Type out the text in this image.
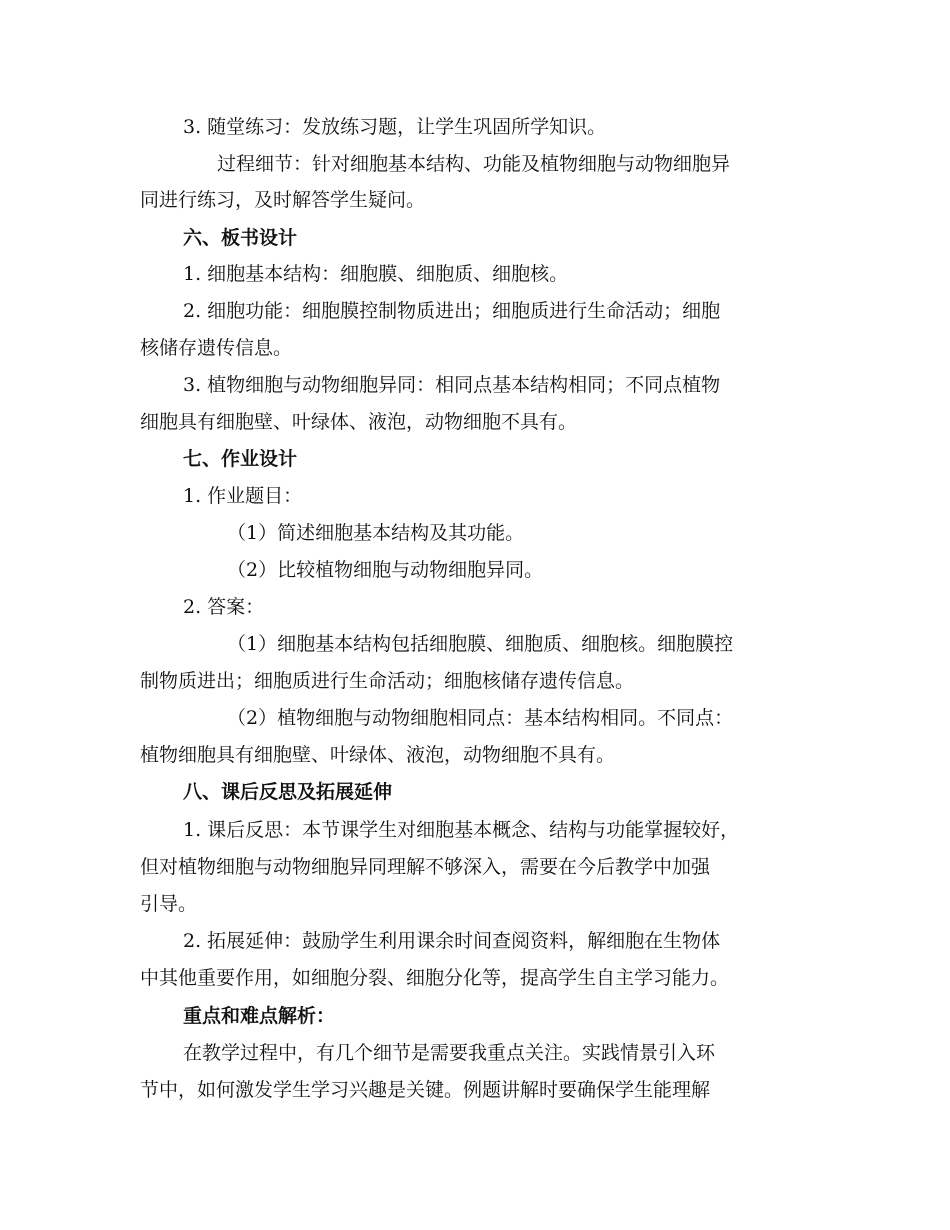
3. 随堂练习：发放练习题，让学生巩固所学知识。
过程细节：针对细胞基本结构、功能及植物细胞与动物细胞异
同进行练习，及时解答学生疑问。
六、板书设计
1. 细胞基本结构：细胞膜、细胞质、细胞核。
2. 细胞功能：细胞膜控制物质进出；细胞质进行生命活动；细胞
核储存遗传信息。
3. 植物细胞与动物细胞异同：相同点基本结构相同；不同点植物
细胞具有细胞壁、叶绿体、液泡，动物细胞不具有。
七、作业设计
1. 作业题目：
（1）简述细胞基本结构及其功能。
（2）比较植物细胞与动物细胞异同。
2. 答案：
（1）细胞基本结构包括细胞膜、细胞质、细胞核。细胞膜控
制物质进出；细胞质进行生命活动；细胞核储存遗传信息。
（2）植物细胞与动物细胞相同点：基本结构相同。不同点：
植物细胞具有细胞壁、叶绿体、液泡，动物细胞不具有。
八、课后反思及拓展延伸
1. 课后反思：本节课学生对细胞基本概念、结构与功能掌握较好，
但对植物细胞与动物细胞异同理解不够深入，需要在今后教学中加强
引导。
2. 拓展延伸：鼓励学生利用课余时间查阅资料，解细胞在生物体
中其他重要作用，如细胞分裂、细胞分化等，提高学生自主学习能力。
重点和难点解析：
在教学过程中，有几个细节是需要我重点关注。实践情景引入环
节中，如何激发学生学习兴趣是关键。例题讲解时要确保学生能理解
